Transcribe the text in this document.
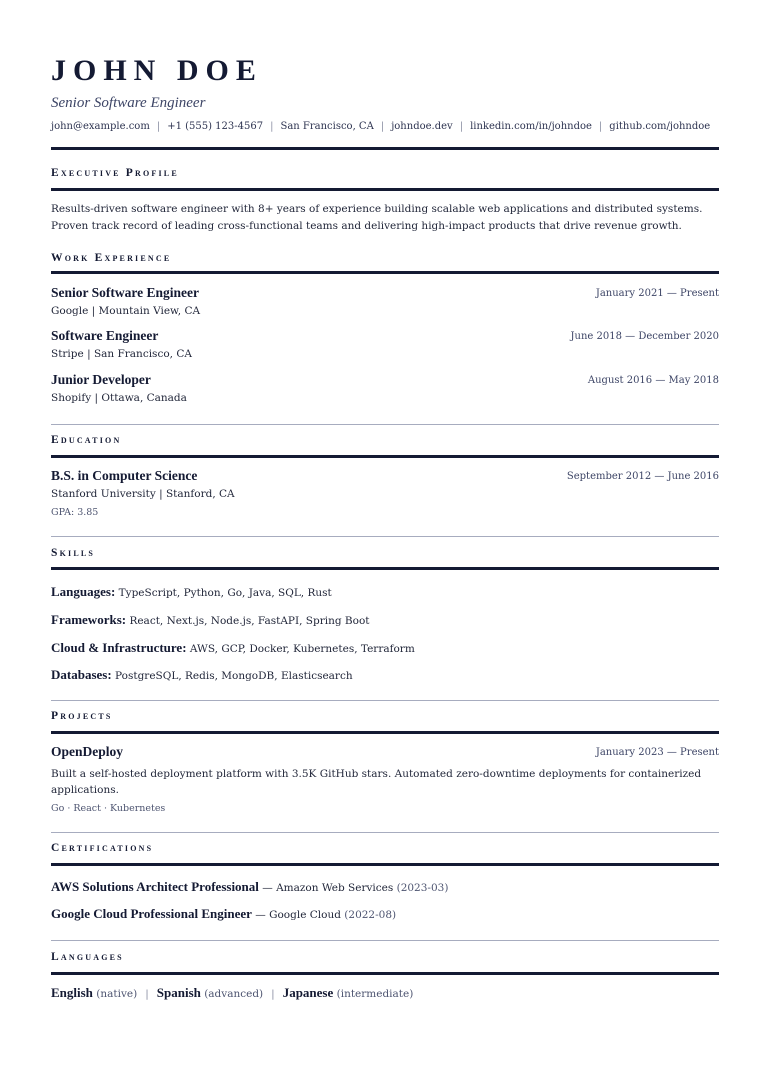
JOHN DOE
Senior Software Engineer
john@example.com | +1 (555) 123-4567 | San Francisco, CA | johndoe.dev | linkedin.com/in/johndoe | github.com/johndoe
Executive Profile
Results-driven software engineer with 8+ years of experience building scalable web applications and distributed systems. Proven track record of leading cross-functional teams and delivering high-impact products that drive revenue growth.
Work Experience
Senior Software Engineer	January 2021 — Present
Google | Mountain View, CA
Software Engineer	June 2018 — December 2020
Stripe | San Francisco, CA
Junior Developer	August 2016 — May 2018
Shopify | Ottawa, Canada
Education
B.S. in Computer Science	September 2012 — June 2016
Stanford University | Stanford, CA
GPA: 3.85
Skills
Languages: TypeScript, Python, Go, Java, SQL, Rust
Frameworks: React, Next.js, Node.js, FastAPI, Spring Boot
Cloud & Infrastructure: AWS, GCP, Docker, Kubernetes, Terraform
Databases: PostgreSQL, Redis, MongoDB, Elasticsearch
Projects
OpenDeploy	January 2023 — Present
Built a self-hosted deployment platform with 3.5K GitHub stars. Automated zero-downtime deployments for containerized applications.
Go · React · Kubernetes
Certifications
AWS Solutions Architect Professional — Amazon Web Services (2023-03)
Google Cloud Professional Engineer — Google Cloud (2022-08)
Languages
English (native) | Spanish (advanced) | Japanese (intermediate)
